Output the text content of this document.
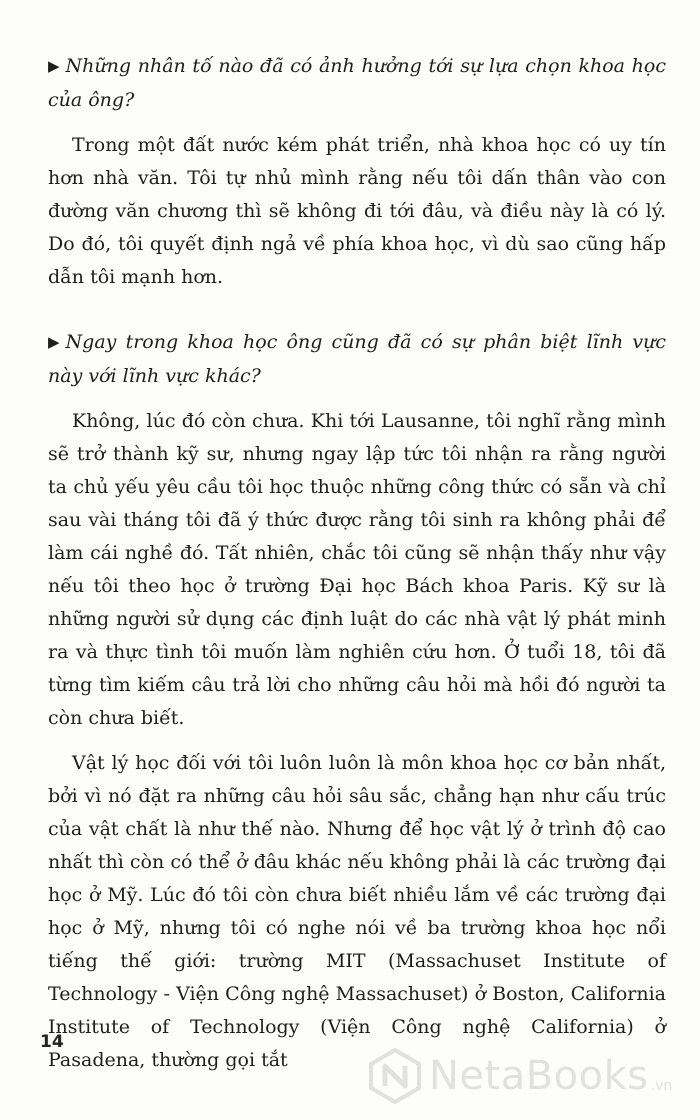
▶ Những nhân tố nào đã có ảnh hưởng tới sự lựa chọn khoa học của ông?

Trong một đất nước kém phát triển, nhà khoa học có uy tín hơn nhà văn. Tôi tự nhủ mình rằng nếu tôi dấn thân vào con đường văn chương thì sẽ không đi tới đâu, và điều này là có lý. Do đó, tôi quyết định ngả về phía khoa học, vì dù sao cũng hấp dẫn tôi mạnh hơn.

▶ Ngay trong khoa học ông cũng đã có sự phân biệt lĩnh vực này với lĩnh vực khác?

Không, lúc đó còn chưa. Khi tới Lausanne, tôi nghĩ rằng mình sẽ trở thành kỹ sư, nhưng ngay lập tức tôi nhận ra rằng người ta chủ yếu yêu cầu tôi học thuộc những công thức có sẵn và chỉ sau vài tháng tôi đã ý thức được rằng tôi sinh ra không phải để làm cái nghề đó. Tất nhiên, chắc tôi cũng sẽ nhận thấy như vậy nếu tôi theo học ở trường Đại học Bách khoa Paris. Kỹ sư là những người sử dụng các định luật do các nhà vật lý phát minh ra và thực tình tôi muốn làm nghiên cứu hơn. Ở tuổi 18, tôi đã từng tìm kiếm câu trả lời cho những câu hỏi mà hồi đó người ta còn chưa biết.

Vật lý học đối với tôi luôn luôn là môn khoa học cơ bản nhất, bởi vì nó đặt ra những câu hỏi sâu sắc, chẳng hạn như cấu trúc của vật chất là như thế nào. Nhưng để học vật lý ở trình độ cao nhất thì còn có thể ở đâu khác nếu không phải là các trường đại học ở Mỹ. Lúc đó tôi còn chưa biết nhiều lắm về các trường đại học ở Mỹ, nhưng tôi có nghe nói về ba trường khoa học nổi tiếng thế giới: trường MIT (Massachuset Institute of Technology - Viện Công nghệ Massachuset) ở Boston, California Institute of Technology (Viện Công nghệ California) ở Pasadena, thường gọi tắt

14
NetaBooks .vn
